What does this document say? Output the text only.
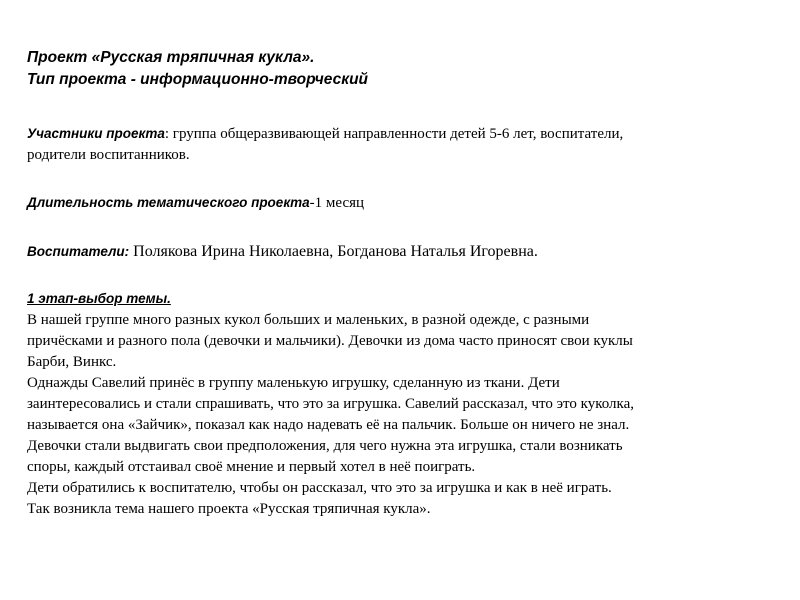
Проект «Русская тряпичная кукла».
Тип проекта - информационно-творческий

Участники проекта: группа общеразвивающей направленности детей 5-6 лет, воспитатели,
родители воспитанников.

Длительность тематического проекта-1 месяц

Воспитатели: Полякова Ирина Николаевна, Богданова Наталья Игоревна.

1 этап-выбор темы.

В нашей группе много разных кукол больших и маленьких, в разной одежде, с разными
причёсками и разного пола (девочки и мальчики). Девочки из дома часто приносят свои куклы
Барби, Винкс.
Однажды Савелий принёс в группу маленькую игрушку, сделанную из ткани. Дети
заинтересовались и стали спрашивать, что это за игрушка. Савелий рассказал, что это куколка,
называется она «Зайчик», показал как надо надевать её на пальчик. Больше он ничего не знал.
Девочки стали выдвигать свои предположения, для чего нужна эта игрушка, стали возникать
споры, каждый отстаивал своё мнение и первый хотел в неё поиграть.
Дети обратились к воспитателю, чтобы он рассказал, что это за игрушка и как в неё играть.
Так возникла тема нашего проекта «Русская тряпичная кукла».
